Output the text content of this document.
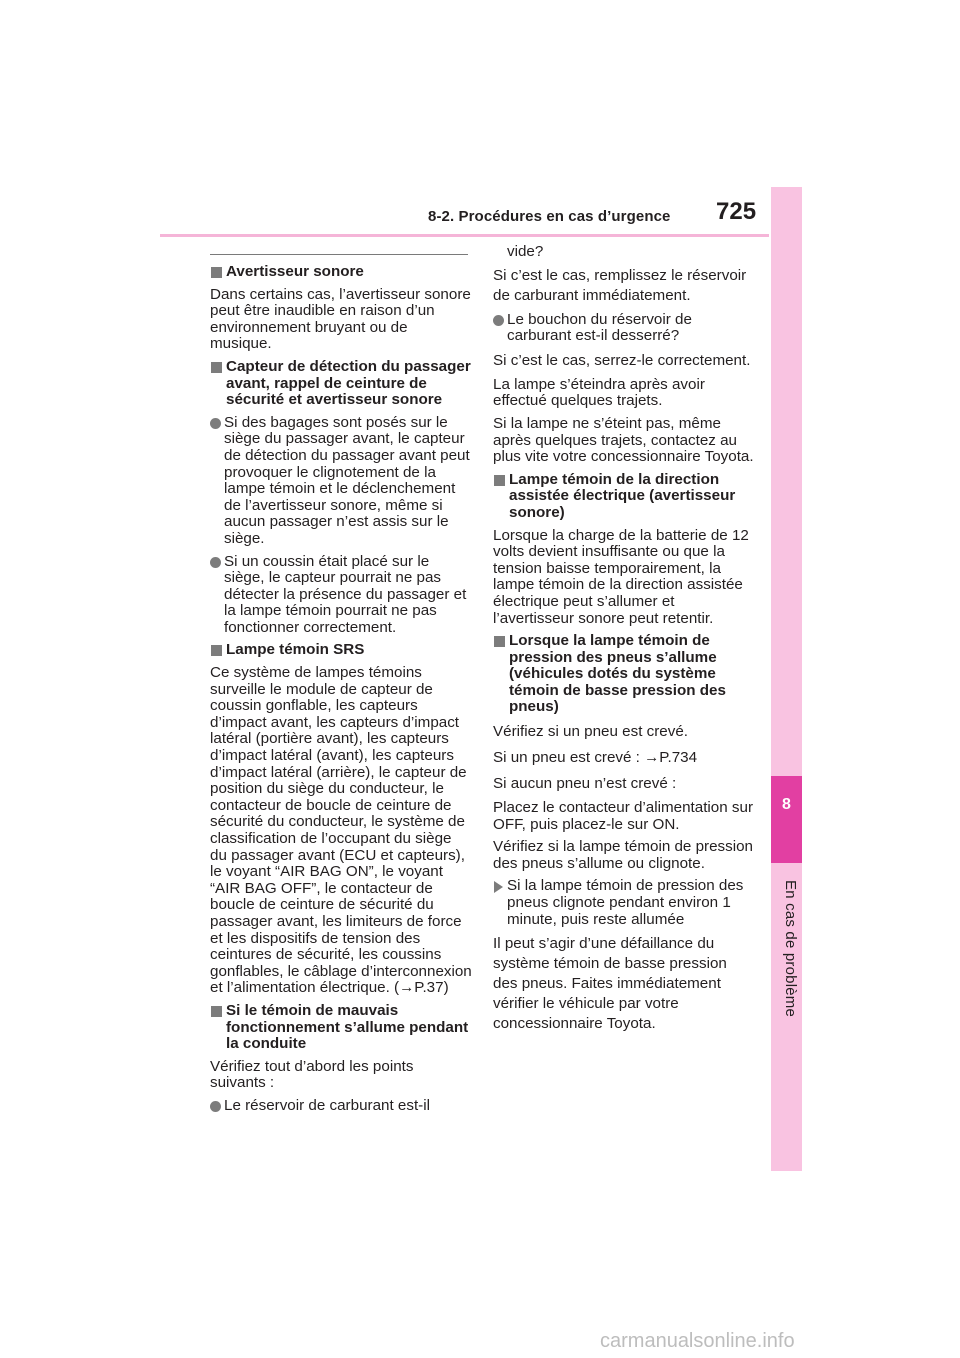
8-2. Procédures en cas d’urgence 725
8
En cas de problème
Avertisseur sonore
Dans certains cas, l’avertisseur sonore peut être inaudible en raison d’un environnement bruyant ou de musique.
Capteur de détection du passager avant, rappel de ceinture de sécurité et avertisseur sonore
Si des bagages sont posés sur le siège du passager avant, le capteur de détection du passager avant peut provoquer le clignotement de la lampe témoin et le déclenchement de l’avertisseur sonore, même si aucun passager n’est assis sur le siège.
Si un coussin était placé sur le siège, le capteur pourrait ne pas détecter la présence du passager et la lampe témoin pourrait ne pas fonctionner correctement.
Lampe témoin SRS
Ce système de lampes témoins surveille le module de capteur de coussin gonflable, les capteurs d’impact avant, les capteurs d’impact latéral (portière avant), les capteurs d’impact latéral (avant), les capteurs d’impact latéral (arrière), le capteur de position du siège du conducteur, le contacteur de boucle de ceinture de sécurité du conducteur, le système de classification de l’occupant du siège du passager avant (ECU et capteurs), le voyant “AIR BAG ON”, le voyant “AIR BAG OFF”, le contacteur de boucle de ceinture de sécurité du passager avant, les limiteurs de force et les dispositifs de tension des ceintures de sécurité, les coussins gonflables, le câblage d’interconnexion et l’alimentation électrique. (→P.37)
Si le témoin de mauvais fonctionnement s’allume pendant la conduite
Vérifiez tout d’abord les points suivants :
Le réservoir de carburant est-il
vide?
Si c’est le cas, remplissez le réservoir de carburant immédiatement.
Le bouchon du réservoir de carburant est-il desserré?
Si c’est le cas, serrez-le correctement.
La lampe s’éteindra après avoir effectué quelques trajets.
Si la lampe ne s’éteint pas, même après quelques trajets, contactez au plus vite votre concessionnaire Toyota.
Lampe témoin de la direction assistée électrique (avertisseur sonore)
Lorsque la charge de la batterie de 12 volts devient insuffisante ou que la tension baisse temporairement, la lampe témoin de la direction assistée électrique peut s’allumer et l’avertisseur sonore peut retentir.
Lorsque la lampe témoin de pression des pneus s’allume (véhicules dotés du système témoin de basse pression des pneus)
Vérifiez si un pneu est crevé.
Si un pneu est crevé : →P.734
Si aucun pneu n’est crevé :
Placez le contacteur d’alimentation sur OFF, puis placez-le sur ON.
Vérifiez si la lampe témoin de pression des pneus s’allume ou clignote.
Si la lampe témoin de pression des pneus clignote pendant environ 1 minute, puis reste allumée
Il peut s’agir d’une défaillance du système témoin de basse pression des pneus. Faites immédiatement vérifier le véhicule par votre concessionnaire Toyota.
carmanualsonline.info
